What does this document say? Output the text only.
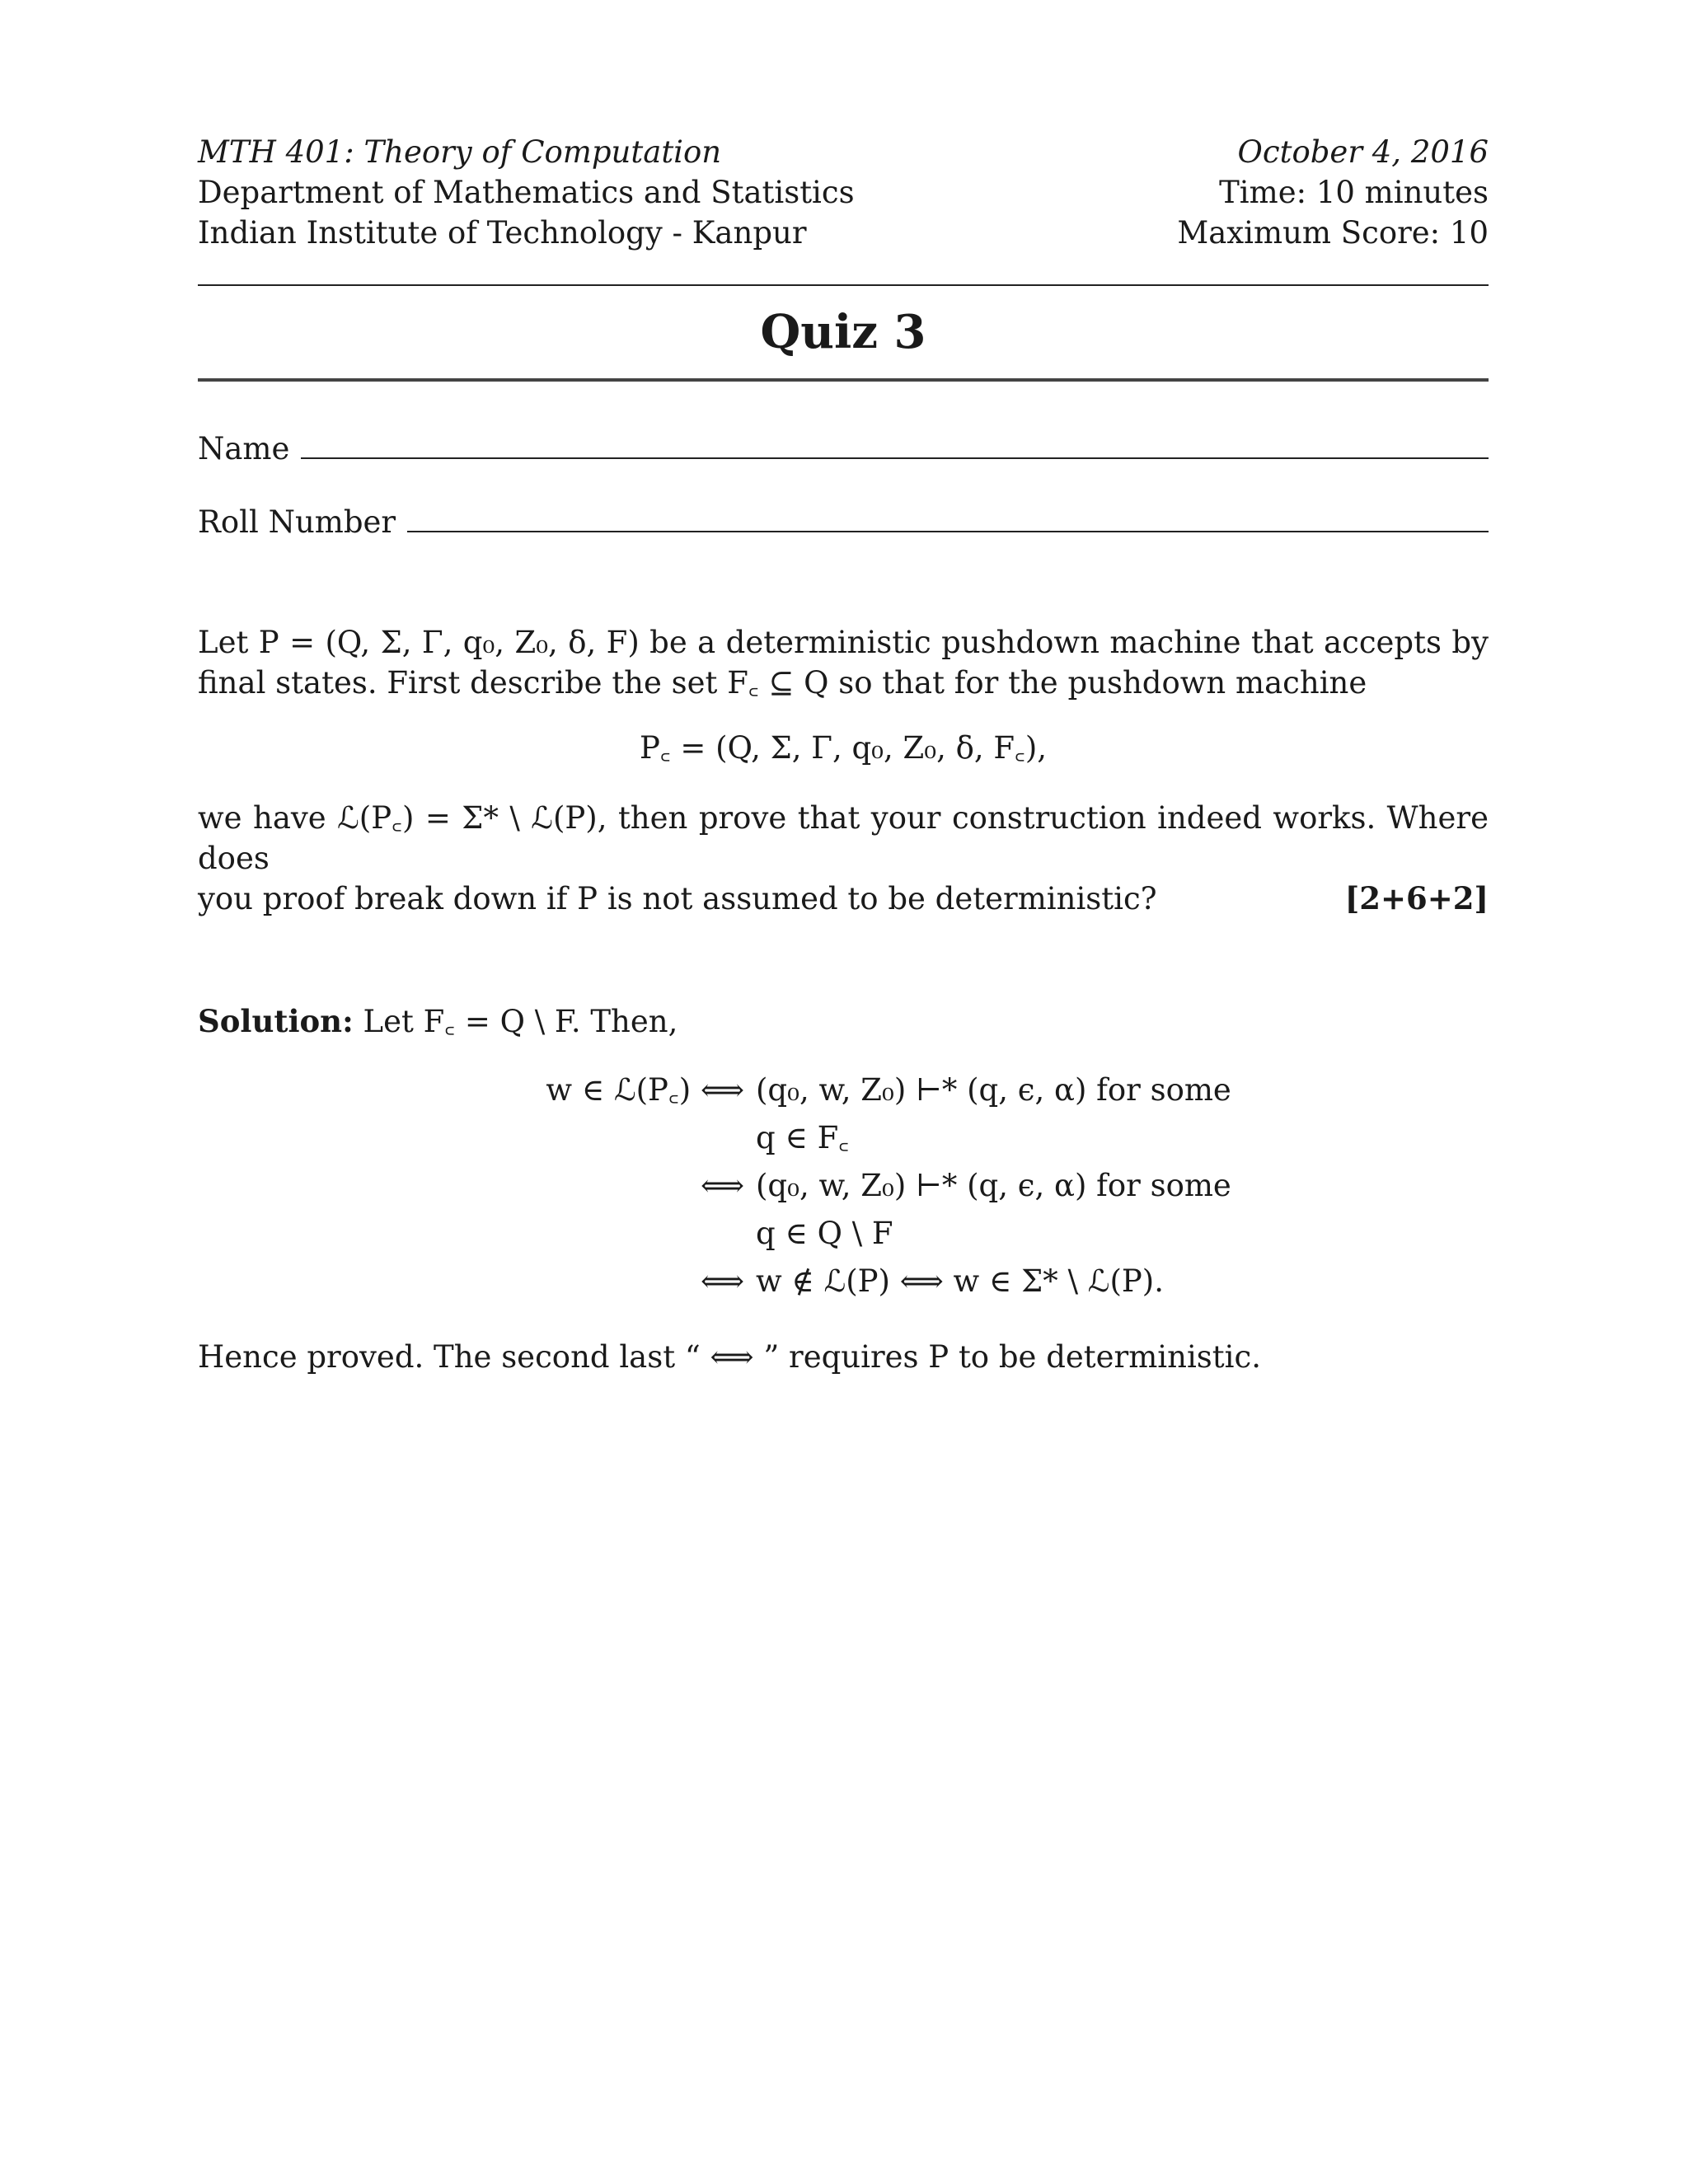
MTH 401: Theory of Computation
Department of Mathematics and Statistics
Indian Institute of Technology - Kanpur
October 4, 2016
Time: 10 minutes
Maximum Score: 10
Quiz 3
Name
Roll Number
Let P = (Q, Σ, Γ, q₀, Z₀, δ, F) be a deterministic pushdown machine that accepts by final states. First describe the set F꜀ ⊆ Q so that for the pushdown machine
P꜀ = (Q, Σ, Γ, q₀, Z₀, δ, F꜀),
we have ℒ(P꜀) = Σ* \ ℒ(P), then prove that your construction indeed works. Where does
you proof break down if P is not assumed to be deterministic?	[2+6+2]
Solution: Let F꜀ = Q \ F. Then,
w ∈ ℒ(P꜀) ⟺ (q₀, w, Z₀) ⊢* (q, ϵ, α) for some q ∈ F꜀
⟺ (q₀, w, Z₀) ⊢* (q, ϵ, α) for some q ∈ Q \ F
⟺ w ∉ ℒ(P) ⟺ w ∈ Σ* \ ℒ(P).
Hence proved. The second last “ ⟺ ” requires P to be deterministic.
